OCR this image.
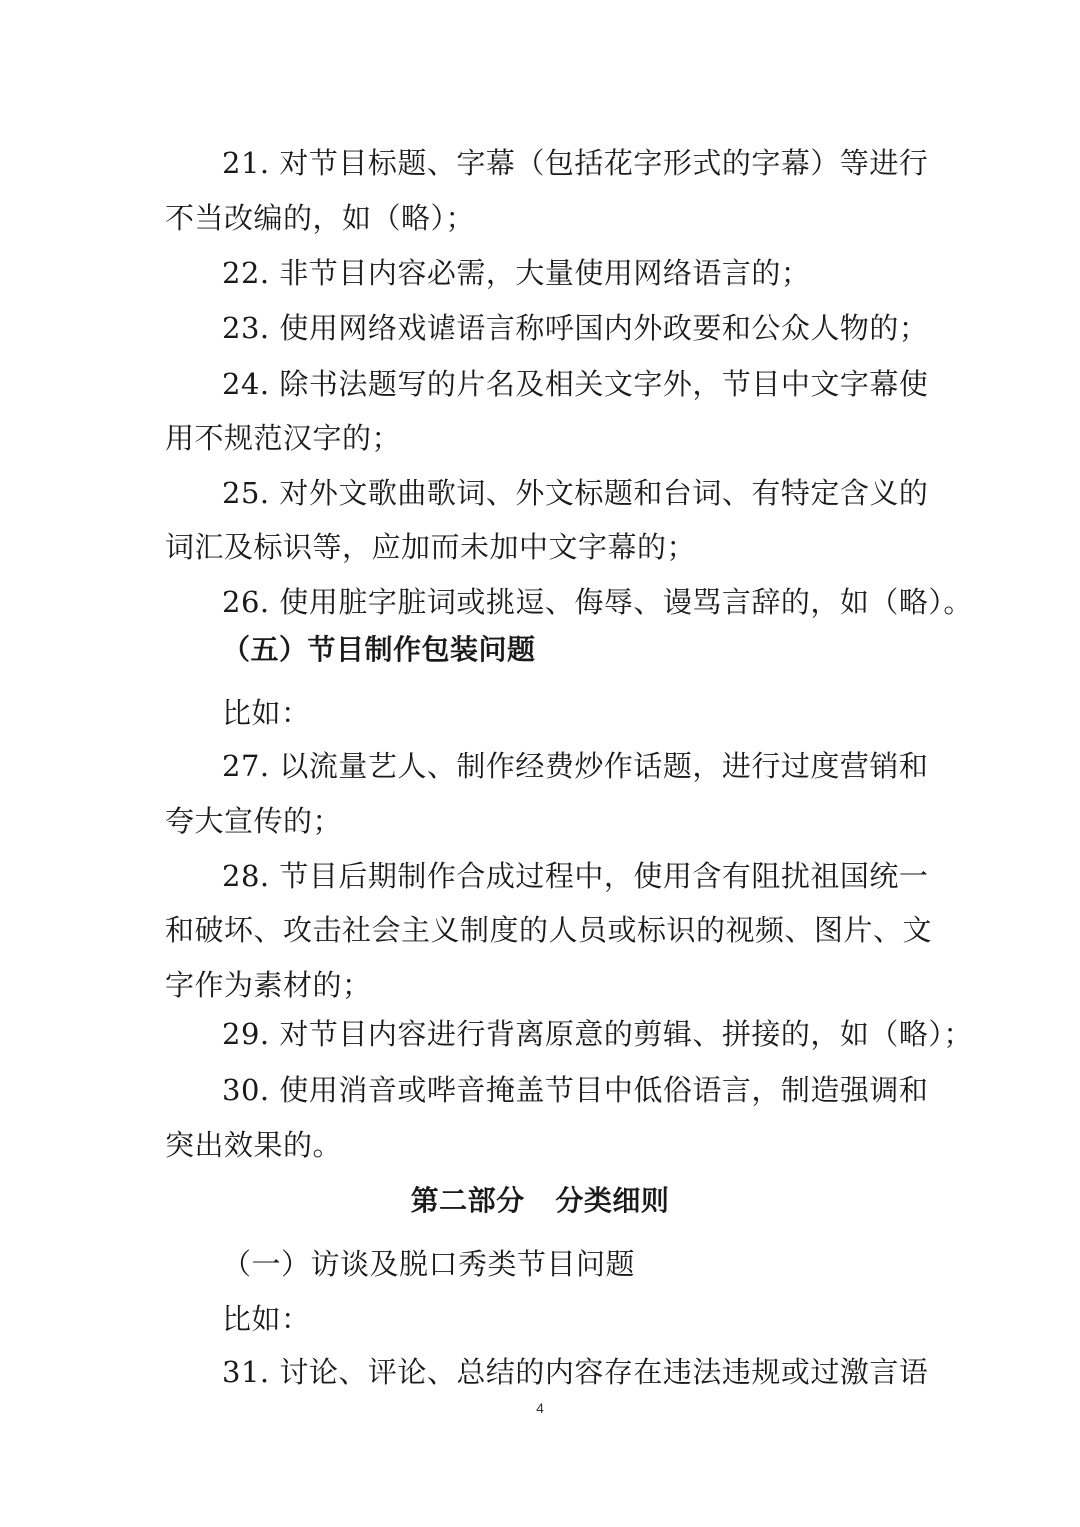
21. 对节目标题、字幕（包括花字形式的字幕）等进行
不当改编的，如（略）；
22. 非节目内容必需，大量使用网络语言的；
23. 使用网络戏谑语言称呼国内外政要和公众人物的；
24. 除书法题写的片名及相关文字外，节目中文字幕使
用不规范汉字的；
25. 对外文歌曲歌词、外文标题和台词、有特定含义的
词汇及标识等，应加而未加中文字幕的；
26. 使用脏字脏词或挑逗、侮辱、谩骂言辞的，如（略）。
（五）节目制作包装问题
比如：
27. 以流量艺人、制作经费炒作话题，进行过度营销和
夸大宣传的；
28. 节目后期制作合成过程中，使用含有阻扰祖国统一
和破坏、攻击社会主义制度的人员或标识的视频、图片、文
字作为素材的；
29. 对节目内容进行背离原意的剪辑、拼接的，如（略）；
30. 使用消音或哔音掩盖节目中低俗语言，制造强调和
突出效果的。
第二部分   分类细则
（一）访谈及脱口秀类节目问题
比如：
31. 讨论、评论、总结的内容存在违法违规或过激言语
4
